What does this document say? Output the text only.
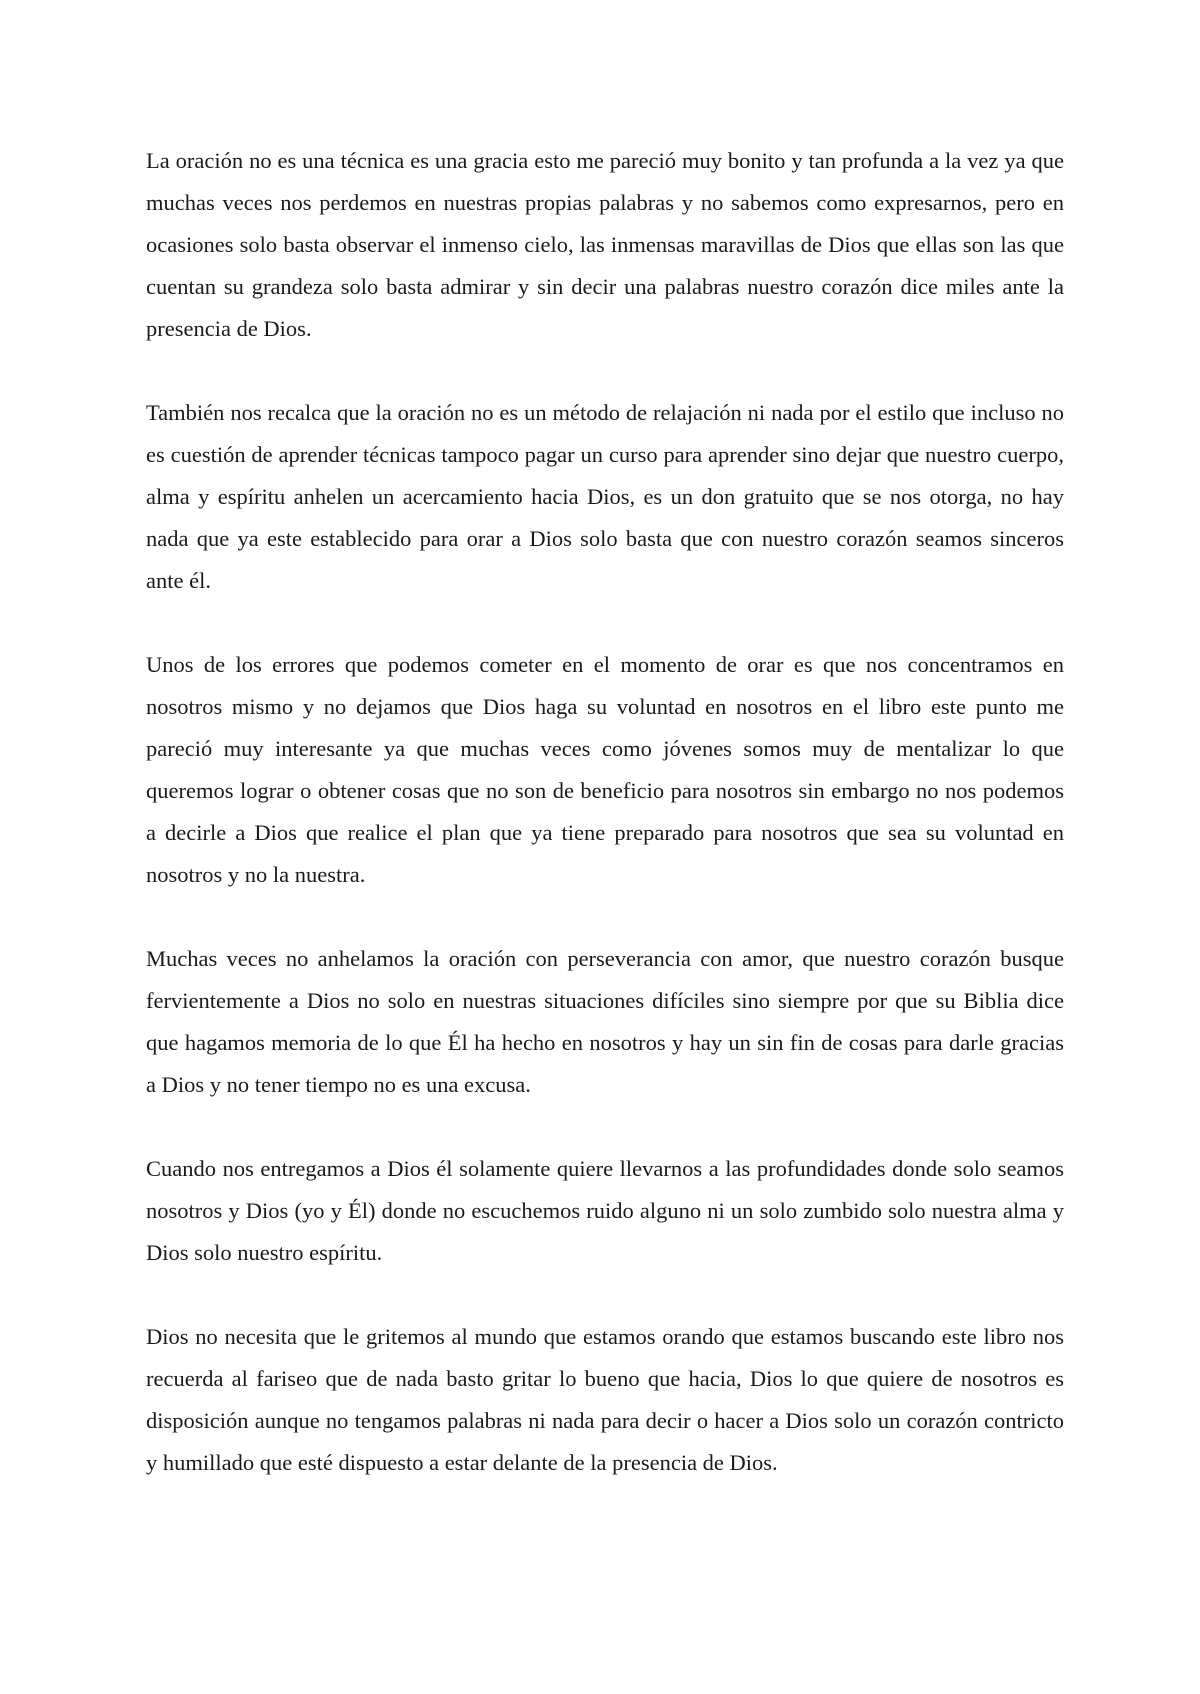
La oración no es una técnica es una gracia esto me pareció muy bonito y tan profunda a la vez ya que muchas veces nos perdemos en nuestras propias palabras y no sabemos como expresarnos, pero en ocasiones solo basta observar el inmenso cielo, las inmensas maravillas de Dios que ellas son las que cuentan su grandeza solo basta admirar y sin decir una palabras nuestro corazón dice miles ante la presencia de Dios.

También nos recalca que la oración no es un método de relajación ni nada por el estilo que incluso no es cuestión de aprender técnicas tampoco pagar un curso para aprender sino dejar que nuestro cuerpo, alma y espíritu anhelen un acercamiento hacia Dios, es un don gratuito que se nos otorga, no hay nada que ya este establecido para orar a Dios solo basta que con nuestro corazón seamos sinceros ante él.

Unos de los errores que podemos cometer en el momento de orar es que nos concentramos en nosotros mismo y no dejamos que Dios haga su voluntad en nosotros en el libro este punto me pareció muy interesante ya que muchas veces como jóvenes somos muy de mentalizar lo que queremos lograr o obtener cosas que no son de beneficio para nosotros sin embargo no nos podemos a decirle a Dios que realice el plan que ya tiene preparado para nosotros que sea su voluntad en nosotros y no la nuestra.

Muchas veces no anhelamos la oración con perseverancia con amor, que nuestro corazón busque fervientemente a Dios no solo en nuestras situaciones difíciles sino siempre por que su Biblia dice que hagamos memoria de lo que Él ha hecho en nosotros y hay un sin fin de cosas para darle gracias a Dios y no tener tiempo no es una excusa.

Cuando nos entregamos a Dios él solamente quiere llevarnos a las profundidades donde solo seamos nosotros y Dios (yo y Él) donde no escuchemos ruido alguno ni un solo zumbido solo nuestra alma y Dios solo nuestro espíritu.

Dios no necesita que le gritemos al mundo que estamos orando que estamos buscando este libro nos recuerda al fariseo que de nada basto gritar lo bueno que hacia, Dios lo que quiere de nosotros es disposición aunque no tengamos palabras ni nada para decir o hacer a Dios solo un corazón contricto y humillado que esté dispuesto a estar delante de la presencia de Dios.
